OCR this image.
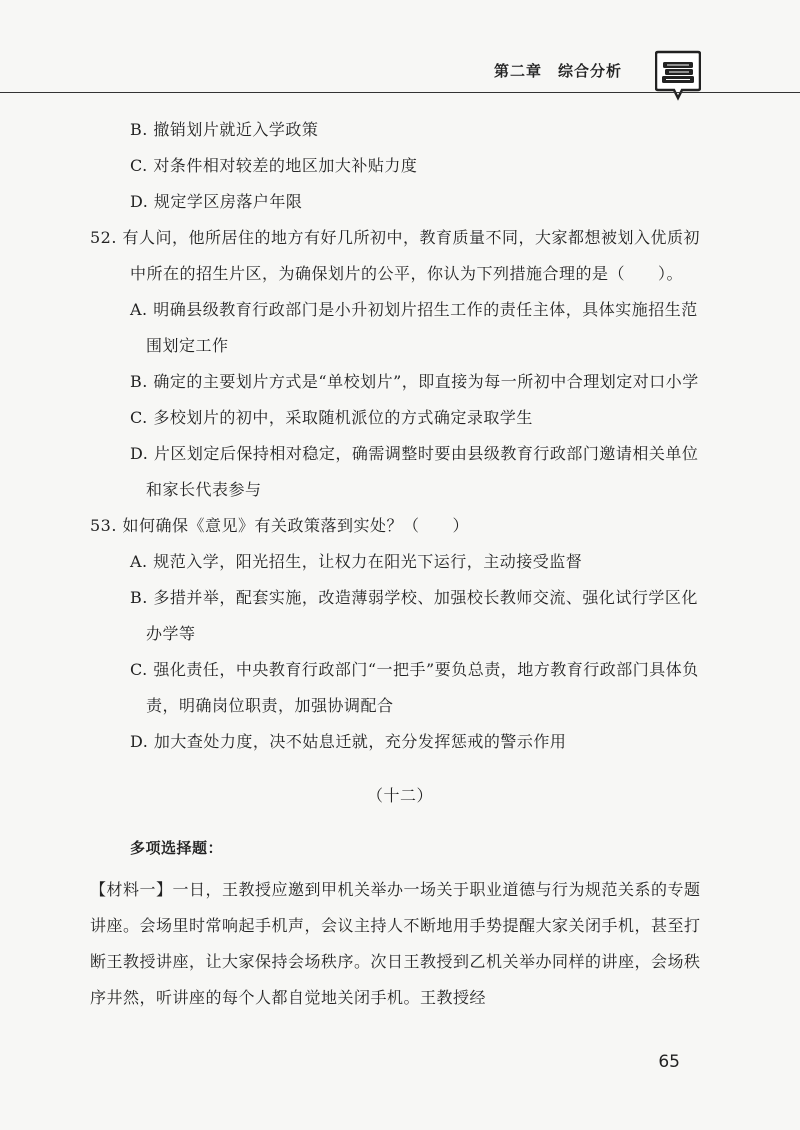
第二章 综合分析

B. 撤销划片就近入学政策

C. 对条件相对较差的地区加大补贴力度

D. 规定学区房落户年限

52. 有人问，他所居住的地方有好几所初中，教育质量不同，大家都想被划入优质初中所在的招生片区，为确保划片的公平，你认为下列措施合理的是（　　）。

A. 明确县级教育行政部门是小升初划片招生工作的责任主体，具体实施招生范围划定工作

B. 确定的主要划片方式是“单校划片”，即直接为每一所初中合理划定对口小学

C. 多校划片的初中，采取随机派位的方式确定录取学生

D. 片区划定后保持相对稳定，确需调整时要由县级教育行政部门邀请相关单位和家长代表参与

53. 如何确保《意见》有关政策落到实处？（　　）

A. 规范入学，阳光招生，让权力在阳光下运行，主动接受监督

B. 多措并举，配套实施，改造薄弱学校、加强校长教师交流、强化试行学区化办学等

C. 强化责任，中央教育行政部门“一把手”要负总责，地方教育行政部门具体负责，明确岗位职责，加强协调配合

D. 加大查处力度，决不姑息迁就，充分发挥惩戒的警示作用

（十二）

多项选择题：

【材料一】一日，王教授应邀到甲机关举办一场关于职业道德与行为规范关系的专题讲座。会场里时常响起手机声，会议主持人不断地用手势提醒大家关闭手机，甚至打断王教授讲座，让大家保持会场秩序。次日王教授到乙机关举办同样的讲座，会场秩序井然，听讲座的每个人都自觉地关闭手机。王教授经

65
